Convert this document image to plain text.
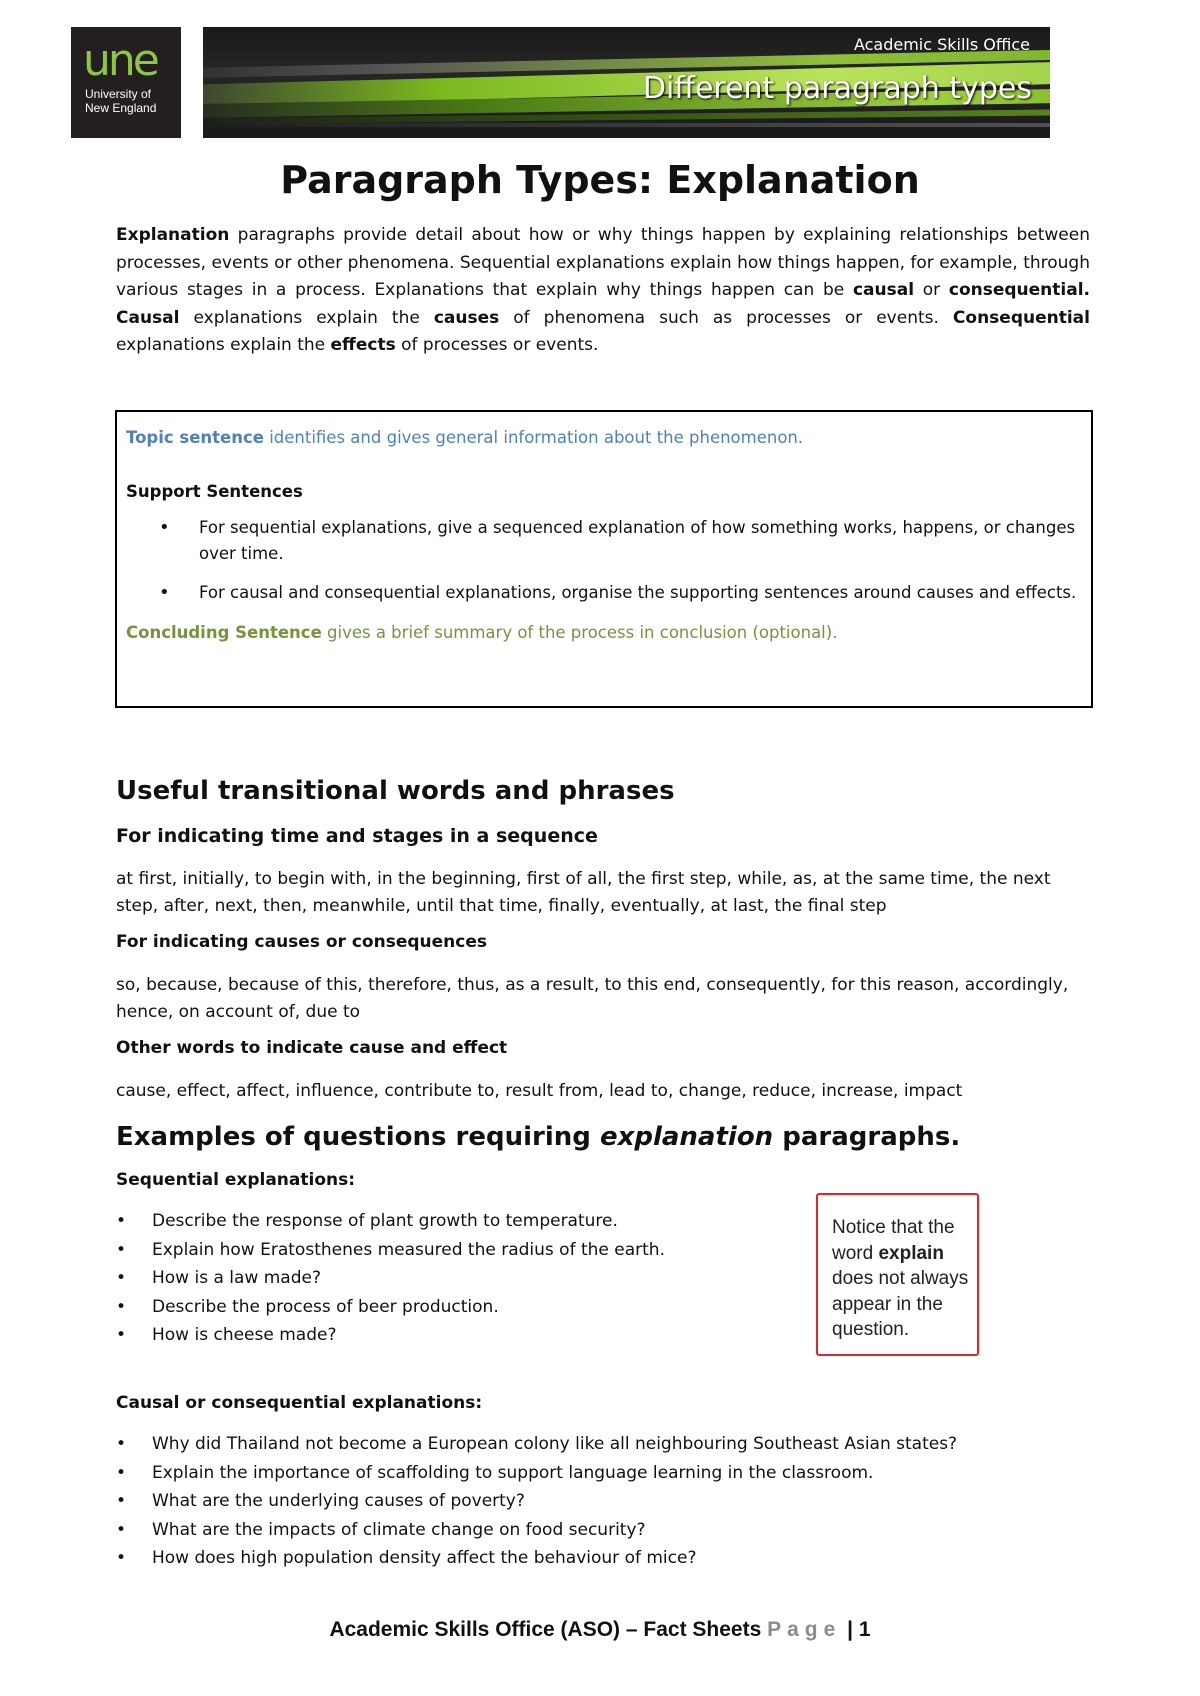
une
University of
New England
Academic Skills Office
Different paragraph types
Paragraph Types: Explanation

Explanation paragraphs provide detail about how or why things happen by explaining relationships between processes, events or other phenomena. Sequential explanations explain how things happen, for example, through various stages in a process. Explanations that explain why things happen can be causal or consequential. Causal explanations explain the causes of phenomena such as processes or events. Consequential explanations explain the effects of processes or events.

Topic sentence identifies and gives general information about the phenomenon.
Support Sentences
• For sequential explanations, give a sequenced explanation of how something works, happens, or changes over time.
• For causal and consequential explanations, organise the supporting sentences around causes and effects.
Concluding Sentence gives a brief summary of the process in conclusion (optional).
Useful transitional words and phrases
For indicating time and stages in a sequence

at first, initially, to begin with, in the beginning, first of all, the first step, while, as, at the same time, the next step, after, next, then, meanwhile, until that time, finally, eventually, at last, the final step

For indicating causes or consequences

so, because, because of this, therefore, thus, as a result, to this end, consequently, for this reason, accordingly, hence, on account of, due to

Other words to indicate cause and effect

cause, effect, affect, influence, contribute to, result from, lead to, change, reduce, increase, impact

Examples of questions requiring explanation paragraphs.
Sequential explanations:
• Describe the response of plant growth to temperature.
• Explain how Eratosthenes measured the radius of the earth.
• How is a law made?
• Describe the process of beer production.
• How is cheese made?
Notice that the word explain does not always appear in the question.
Causal or consequential explanations:
• Why did Thailand not become a European colony like all neighbouring Southeast Asian states?
• Explain the importance of scaffolding to support language learning in the classroom.
• What are the underlying causes of poverty?
• What are the impacts of climate change on food security?
• How does high population density affect the behaviour of mice?
Academic Skills Office (ASO) – Fact Sheets Page | 1
